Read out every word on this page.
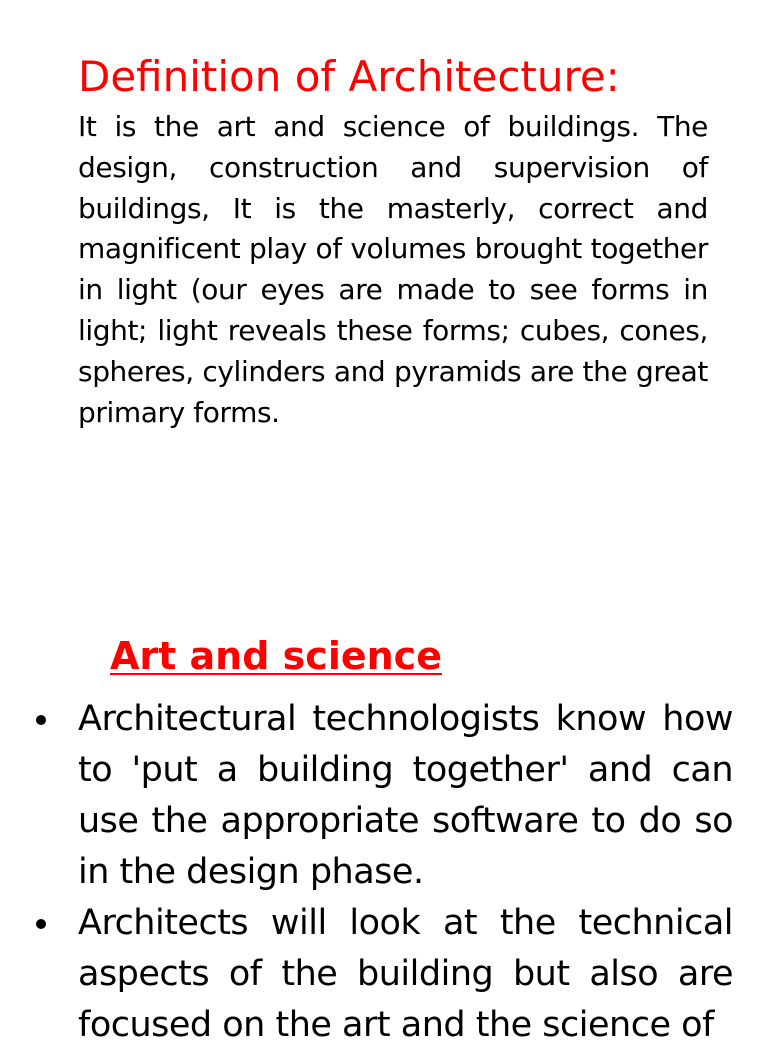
Definition of Architecture:

It is the art and science of buildings. The design, construction and supervision of buildings, It is the masterly, correct and magnificent play of volumes brought together in light (our eyes are made to see forms in light; light reveals these forms; cubes, cones, spheres, cylinders and pyramids are the great primary forms.

Art and science
Architectural technologists know how to 'put a building together' and can use the appropriate software to do so in the design phase.
Architects will look at the technical aspects of the building but also are focused on the art and the science of
